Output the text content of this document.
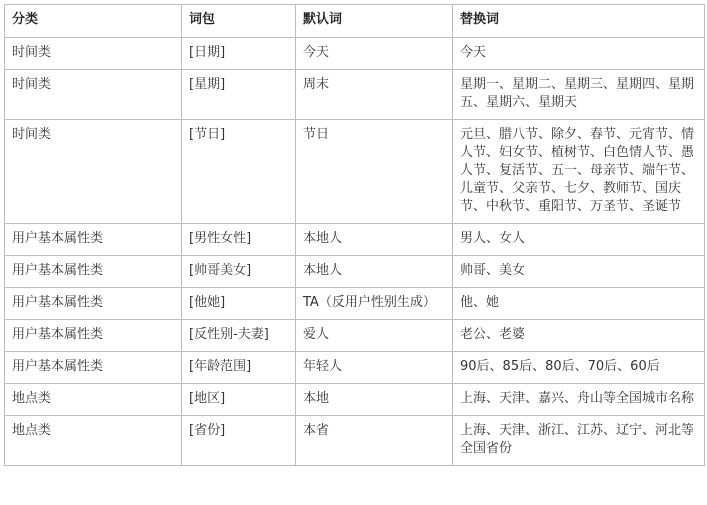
分类	词包	默认词	替换词
时间类	[日期]	今天	今天
时间类	[星期]	周末	星期一、星期二、星期三、星期四、星期五、星期六、星期天
时间类	[节日]	节日	元旦、腊八节、除夕、春节、元宵节、情人节、妇女节、植树节、白色情人节、愚人节、复活节、五一、母亲节、端午节、儿童节、父亲节、七夕、教师节、国庆节、中秋节、重阳节、万圣节、圣诞节
用户基本属性类	[男性女性]	本地人	男人、女人
用户基本属性类	[帅哥美女]	本地人	帅哥、美女
用户基本属性类	[他她]	TA（反用户性别生成）	他、她
用户基本属性类	[反性别-夫妻]	爱人	老公、老婆
用户基本属性类	[年龄范围]	年轻人	90后、85后、80后、70后、60后
地点类	[地区]	本地	上海、天津、嘉兴、舟山等全国城市名称
地点类	[省份]	本省	上海、天津、浙江、江苏、辽宁、河北等全国省份
